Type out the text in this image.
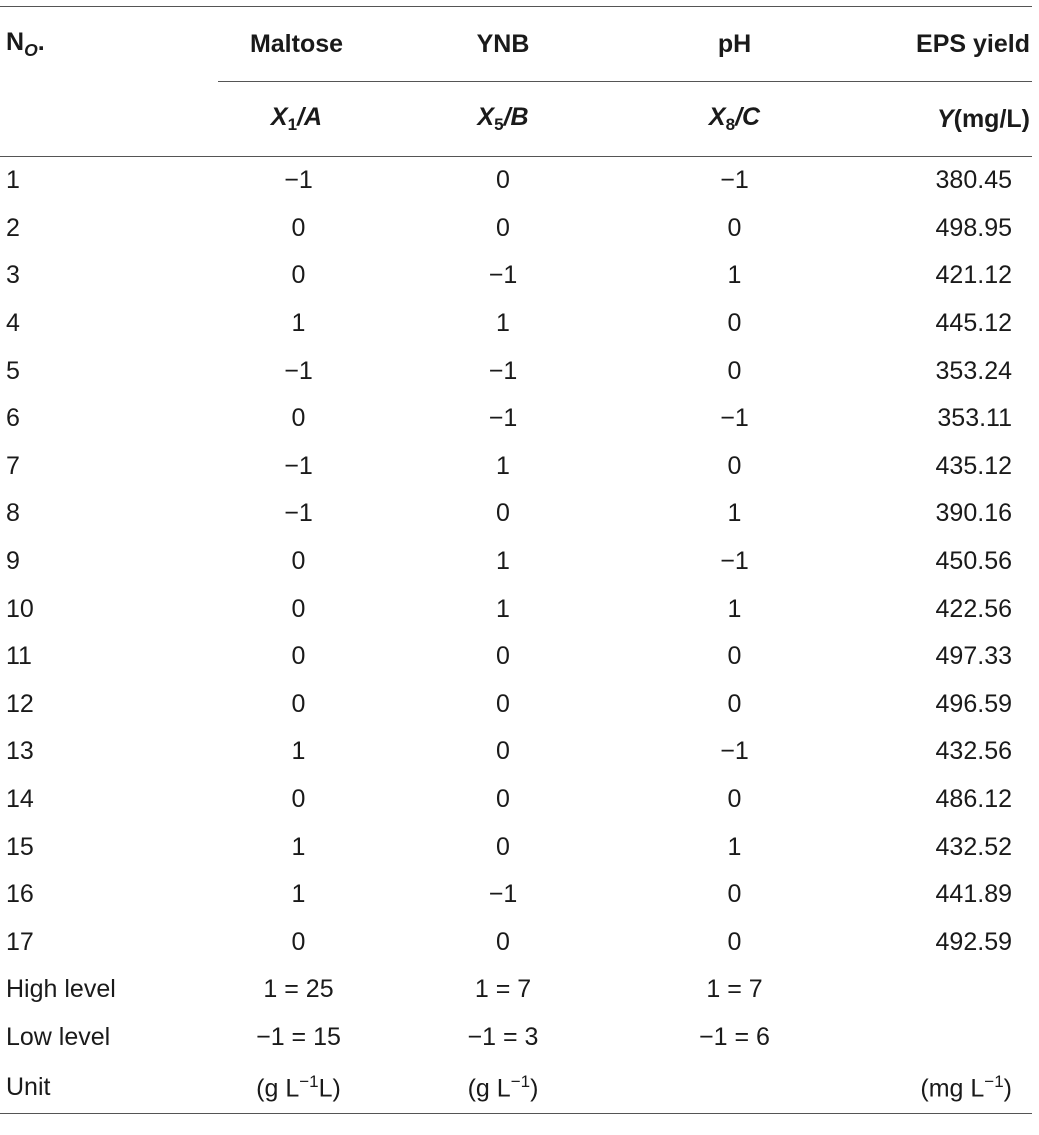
$N_O$.	Maltose	YNB	pH	EPS yield
	$X_1/A$	$X_5/B$	$X_8/C$	Y(mg/L)
1	−1	0	−1	380.45
2	0	0	0	498.95
3	0	−1	1	421.12
4	1	1	0	445.12
5	−1	−1	0	353.24
6	0	−1	−1	353.11
7	−1	1	0	435.12
8	−1	0	1	390.16
9	0	1	−1	450.56
10	0	1	1	422.56
11	0	0	0	497.33
12	0	0	0	496.59
13	1	0	−1	432.56
14	0	0	0	486.12
15	1	0	1	432.52
16	1	−1	0	441.89
17	0	0	0	492.59
High level	1 = 25	1 = 7	1 = 7	
Low level	−1 = 15	−1 = 3	−1 = 6	
Unit	(g $L^{-1}L$)	(g $L^{-1}$)		(mg $L^{-1}$)
